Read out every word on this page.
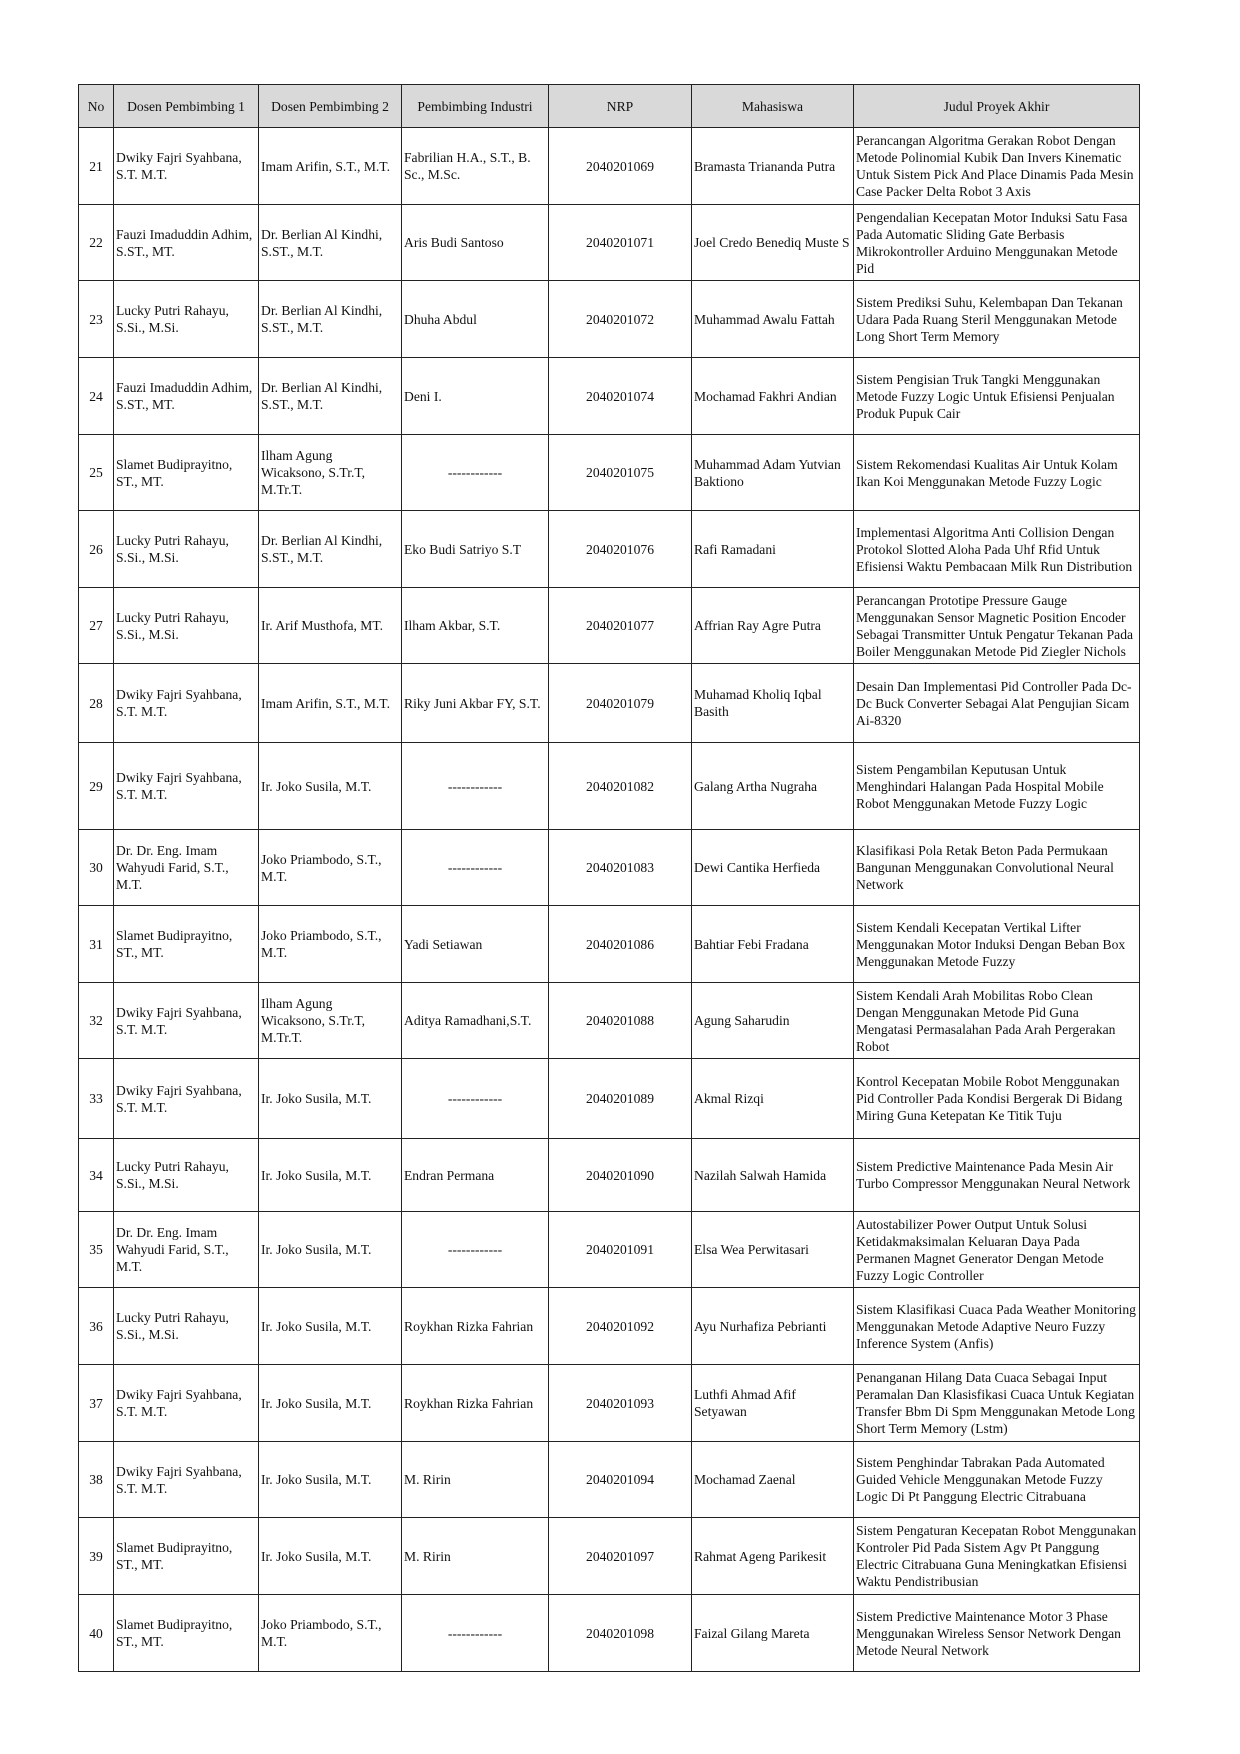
No	Dosen Pembimbing 1	Dosen Pembimbing 2	Pembimbing Industri	NRP	Mahasiswa	Judul Proyek Akhir

21	Dwiky Fajri Syahbana, S.T. M.T.	Imam Arifin, S.T., M.T.	Fabrilian H.A., S.T., B. Sc., M.Sc.	2040201069	Bramasta Triananda Putra	Perancangan Algoritma Gerakan Robot Dengan Metode Polinomial Kubik Dan Invers Kinematic Untuk Sistem Pick And Place Dinamis Pada Mesin Case Packer Delta Robot 3 Axis

22	Fauzi Imaduddin Adhim, S.ST., MT.	Dr. Berlian Al Kindhi, S.ST., M.T.	Aris Budi Santoso	2040201071	Joel Credo Benediq Muste S	Pengendalian Kecepatan Motor Induksi Satu Fasa Pada Automatic Sliding Gate Berbasis Mikrokontroller Arduino Menggunakan Metode Pid

23	Lucky Putri Rahayu, S.Si., M.Si.	Dr. Berlian Al Kindhi, S.ST., M.T.	Dhuha Abdul	2040201072	Muhammad Awalu Fattah	Sistem Prediksi Suhu, Kelembapan Dan Tekanan Udara Pada Ruang Steril Menggunakan Metode Long Short Term Memory

24	Fauzi Imaduddin Adhim, S.ST., MT.	Dr. Berlian Al Kindhi, S.ST., M.T.	Deni I.	2040201074	Mochamad Fakhri Andian	Sistem Pengisian Truk Tangki Menggunakan Metode Fuzzy Logic Untuk Efisiensi Penjualan Produk Pupuk Cair

25	Slamet Budiprayitno, ST., MT.	Ilham Agung Wicaksono, S.Tr.T, M.Tr.T.	------------	2040201075	Muhammad Adam Yutvian Baktiono	Sistem Rekomendasi Kualitas Air Untuk Kolam Ikan Koi Menggunakan Metode Fuzzy Logic

26	Lucky Putri Rahayu, S.Si., M.Si.	Dr. Berlian Al Kindhi, S.ST., M.T.	Eko Budi Satriyo S.T	2040201076	Rafi Ramadani	Implementasi Algoritma Anti Collision Dengan Protokol Slotted Aloha Pada Uhf Rfid Untuk Efisiensi Waktu Pembacaan Milk Run Distribution

27	Lucky Putri Rahayu, S.Si., M.Si.	Ir. Arif Musthofa, MT.	Ilham Akbar, S.T.	2040201077	Affrian Ray Agre Putra	Perancangan Prototipe Pressure Gauge Menggunakan Sensor Magnetic Position Encoder Sebagai Transmitter Untuk Pengatur Tekanan Pada Boiler Menggunakan Metode Pid Ziegler Nichols

28	Dwiky Fajri Syahbana, S.T. M.T.	Imam Arifin, S.T., M.T.	Riky Juni Akbar FY, S.T.	2040201079	Muhamad Kholiq Iqbal Basith	Desain Dan Implementasi Pid Controller Pada Dc-Dc Buck Converter Sebagai Alat Pengujian Sicam Ai-8320

29	Dwiky Fajri Syahbana, S.T. M.T.	Ir. Joko Susila, M.T.	------------	2040201082	Galang Artha Nugraha	Sistem Pengambilan Keputusan Untuk Menghindari Halangan Pada Hospital Mobile Robot Menggunakan Metode Fuzzy Logic

30	Dr. Dr. Eng. Imam Wahyudi Farid, S.T., M.T.	Joko Priambodo, S.T., M.T.	------------	2040201083	Dewi Cantika Herfieda	Klasifikasi Pola Retak Beton Pada Permukaan Bangunan Menggunakan Convolutional Neural Network

31	Slamet Budiprayitno, ST., MT.	Joko Priambodo, S.T., M.T.	Yadi Setiawan	2040201086	Bahtiar Febi Fradana	Sistem Kendali Kecepatan Vertikal Lifter Menggunakan Motor Induksi Dengan Beban Box Menggunakan Metode Fuzzy

32	Dwiky Fajri Syahbana, S.T. M.T.	Ilham Agung Wicaksono, S.Tr.T, M.Tr.T.	Aditya Ramadhani,S.T.	2040201088	Agung Saharudin	Sistem Kendali Arah Mobilitas Robo Clean Dengan Menggunakan Metode Pid Guna Mengatasi Permasalahan Pada Arah Pergerakan Robot

33	Dwiky Fajri Syahbana, S.T. M.T.	Ir. Joko Susila, M.T.	------------	2040201089	Akmal Rizqi	Kontrol Kecepatan Mobile Robot Menggunakan Pid Controller Pada Kondisi Bergerak Di Bidang Miring Guna Ketepatan Ke Titik Tuju

34	Lucky Putri Rahayu, S.Si., M.Si.	Ir. Joko Susila, M.T.	Endran Permana	2040201090	Nazilah Salwah Hamida	Sistem Predictive Maintenance Pada Mesin Air Turbo Compressor Menggunakan Neural Network

35	Dr. Dr. Eng. Imam Wahyudi Farid, S.T., M.T.	Ir. Joko Susila, M.T.	------------	2040201091	Elsa Wea Perwitasari	Autostabilizer Power Output Untuk Solusi Ketidakmaksimalan Keluaran Daya Pada Permanen Magnet Generator Dengan Metode Fuzzy Logic Controller

36	Lucky Putri Rahayu, S.Si., M.Si.	Ir. Joko Susila, M.T.	Roykhan Rizka Fahrian	2040201092	Ayu Nurhafiza Pebrianti	Sistem Klasifikasi Cuaca Pada Weather Monitoring Menggunakan Metode Adaptive Neuro Fuzzy Inference System (Anfis)

37	Dwiky Fajri Syahbana, S.T. M.T.	Ir. Joko Susila, M.T.	Roykhan Rizka Fahrian	2040201093	Luthfi Ahmad Afif Setyawan	Penanganan Hilang Data Cuaca Sebagai Input Peramalan Dan Klasisfikasi Cuaca Untuk Kegiatan Transfer Bbm Di Spm Menggunakan Metode Long Short Term Memory (Lstm)

38	Dwiky Fajri Syahbana, S.T. M.T.	Ir. Joko Susila, M.T.	M. Ririn	2040201094	Mochamad Zaenal	Sistem Penghindar Tabrakan Pada Automated Guided Vehicle Menggunakan Metode Fuzzy Logic Di Pt Panggung Electric Citrabuana

39	Slamet Budiprayitno, ST., MT.	Ir. Joko Susila, M.T.	M. Ririn	2040201097	Rahmat Ageng Parikesit	Sistem Pengaturan Kecepatan Robot Menggunakan Kontroler Pid Pada Sistem Agv Pt Panggung Electric Citrabuana Guna Meningkatkan Efisiensi Waktu Pendistribusian

40	Slamet Budiprayitno, ST., MT.	Joko Priambodo, S.T., M.T.	------------	2040201098	Faizal Gilang Mareta	Sistem Predictive Maintenance Motor 3 Phase Menggunakan Wireless Sensor Network Dengan Metode Neural Network
